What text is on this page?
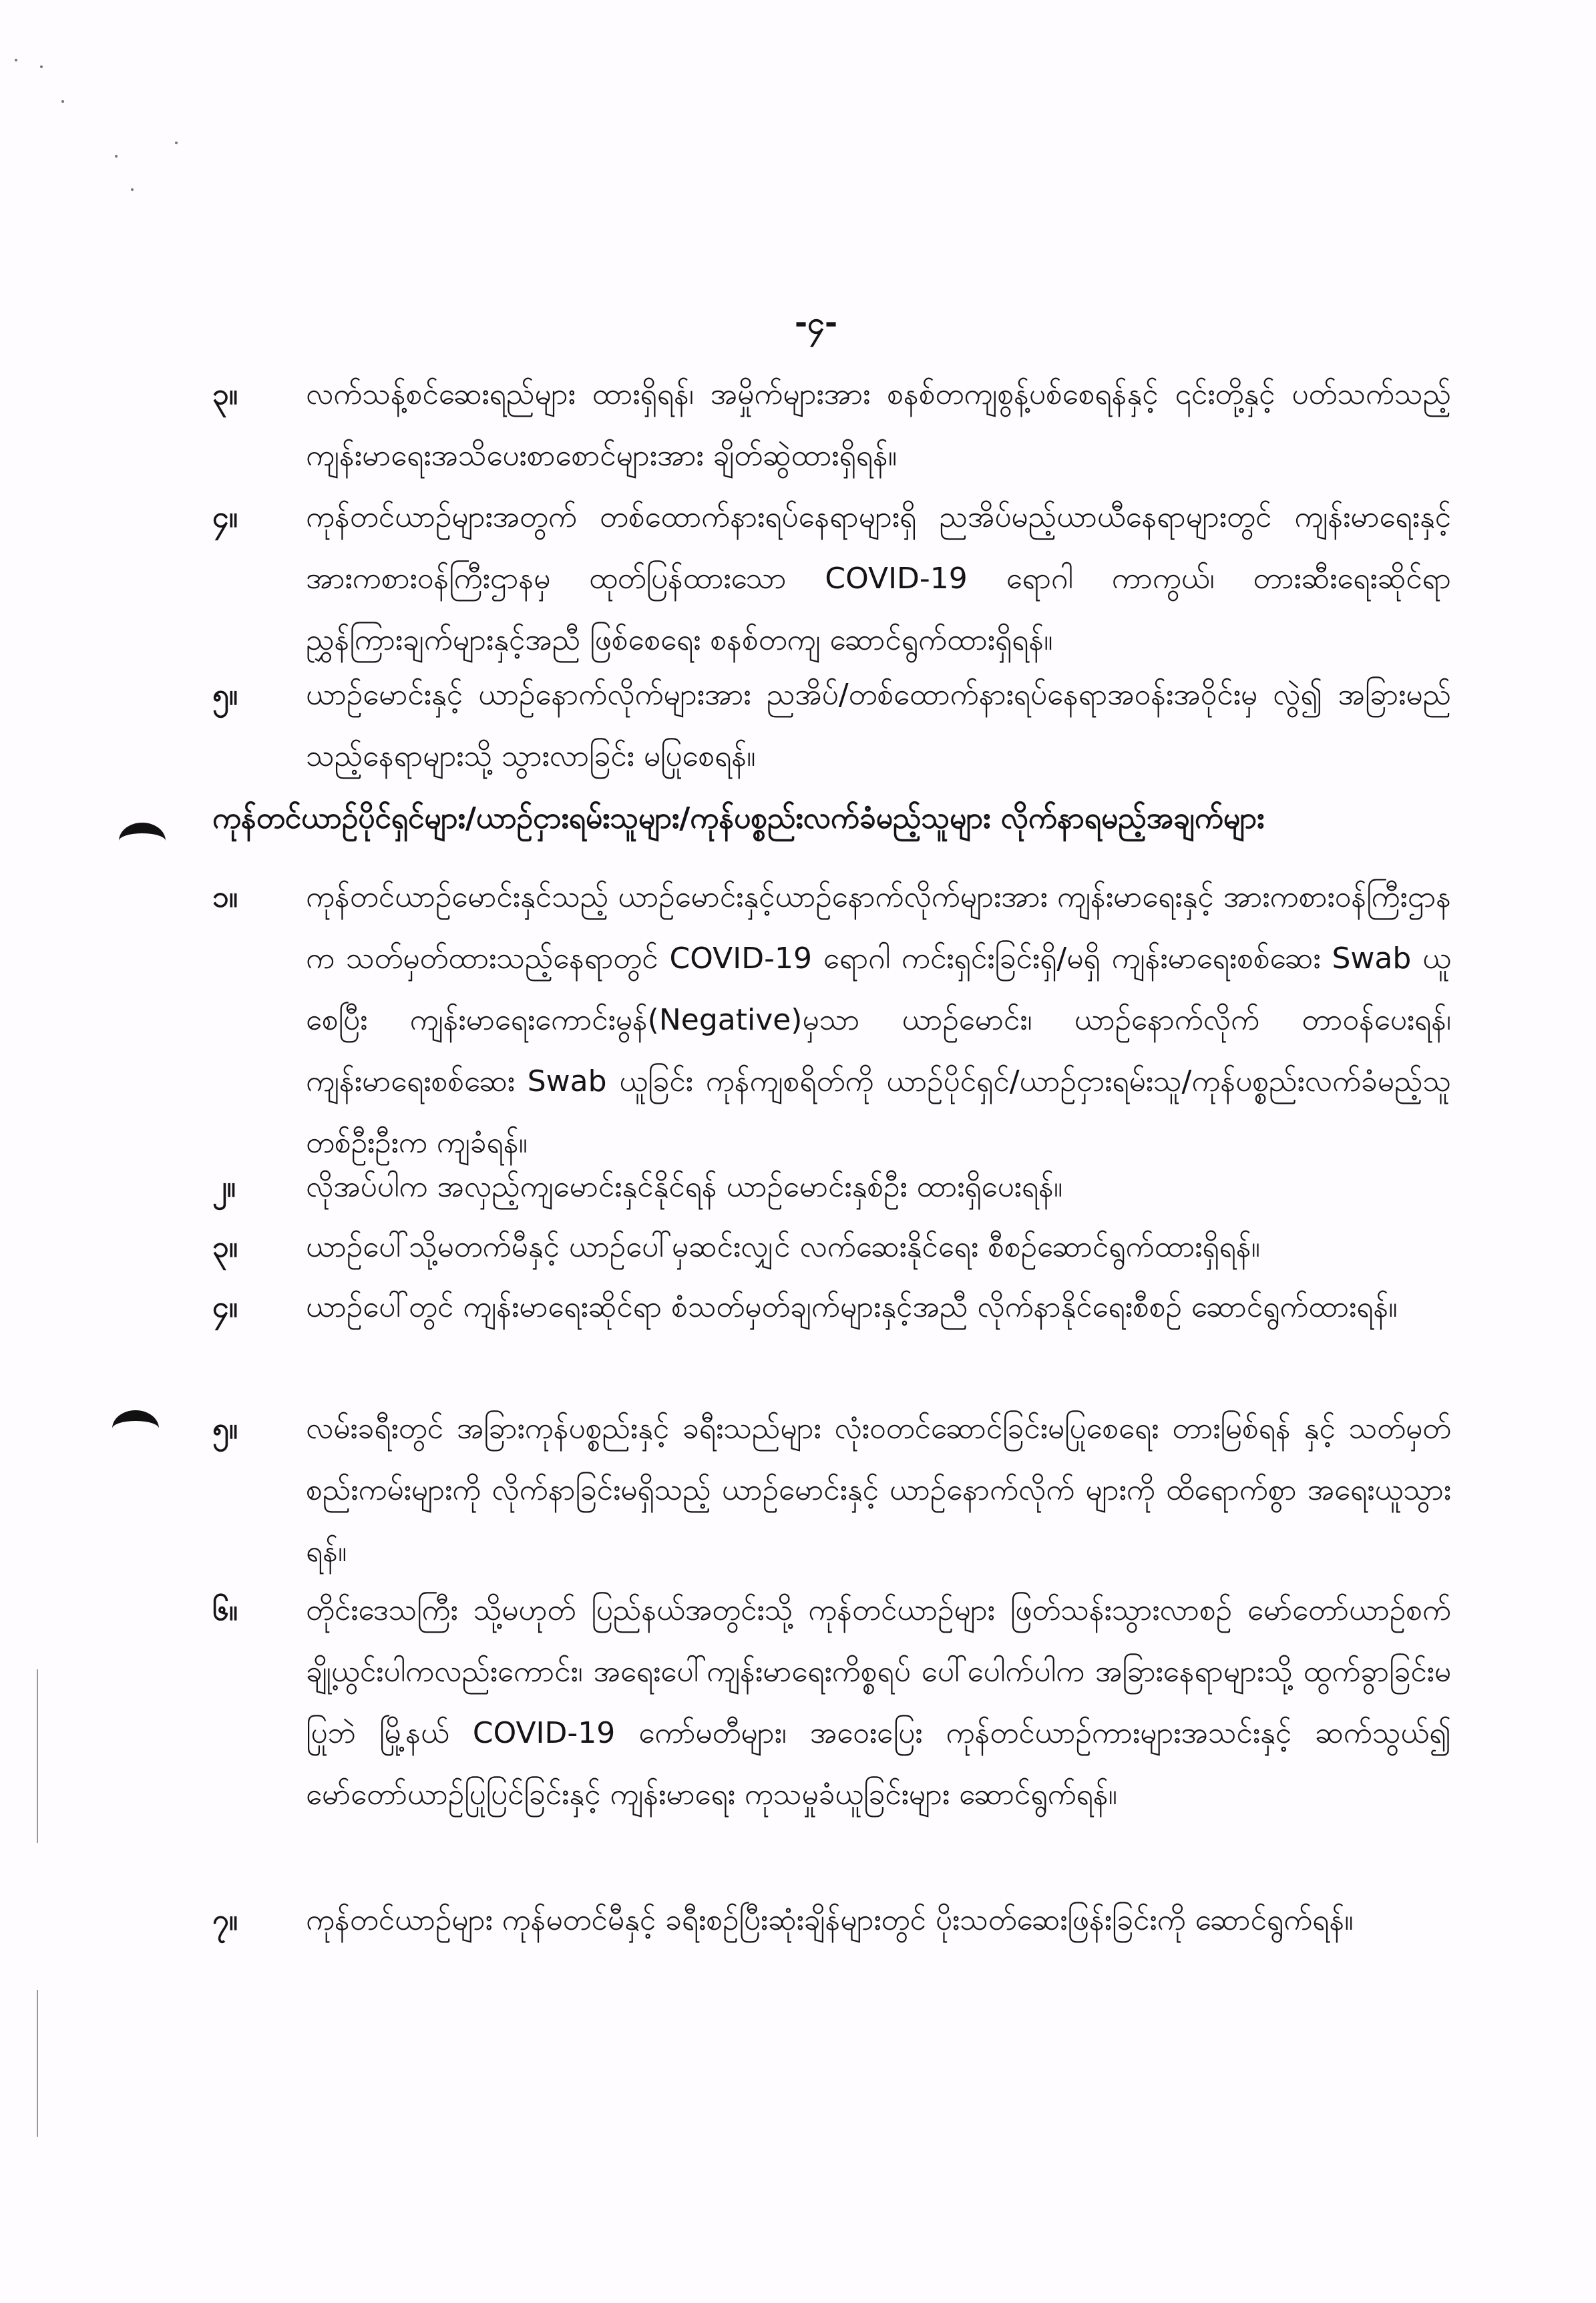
-၄-
၃။	လက်သန့်စင်ဆေးရည်များ ထားရှိရန်၊ အမှိုက်များအား စနစ်တကျစွန့်ပစ်စေရန်နှင့် ၎င်းတို့နှင့် ပတ်သက်သည့် ကျန်းမာရေးအသိပေးစာစောင်များအား ချိတ်ဆွဲထားရှိရန်။

၄။	ကုန်တင်ယာဉ်များအတွက် တစ်ထောက်နားရပ်နေရာများရှိ ညအိပ်မည့်ယာယီနေရာများတွင် ကျန်းမာရေးနှင့်အားကစားဝန်ကြီးဌာနမှ ထုတ်ပြန်ထားသော COVID-19 ရောဂါ ကာကွယ်၊ တားဆီးရေးဆိုင်ရာ ညွှန်ကြားချက်များနှင့်အညီ ဖြစ်စေရေး စနစ်တကျ ဆောင်ရွက်ထားရှိရန်။

၅။	ယာဉ်မောင်းနှင့် ယာဉ်နောက်လိုက်များအား ညအိပ်/တစ်ထောက်နားရပ်နေရာအဝန်းအဝိုင်းမှ လွဲ၍ အခြားမည်သည့်နေရာများသို့ သွားလာခြင်း မပြုစေရန်။

ကုန်တင်ယာဉ်ပိုင်ရှင်များ/ယာဉ်ငှားရမ်းသူများ/ကုန်ပစ္စည်းလက်ခံမည့်သူများ လိုက်နာရမည့်အချက်များ

၁။	ကုန်တင်ယာဉ်မောင်းနှင်သည့် ယာဉ်မောင်းနှင့်ယာဉ်နောက်လိုက်များအား ကျန်းမာရေးနှင့် အားကစားဝန်ကြီးဌာနက သတ်မှတ်ထားသည့်နေရာတွင် COVID-19 ရောဂါ ကင်းရှင်းခြင်းရှိ/မရှိ ကျန်းမာရေးစစ်ဆေး Swab ယူစေပြီး ကျန်းမာရေးကောင်းမွန်(Negative)မှသာ ယာဉ်မောင်း၊ ယာဉ်နောက်လိုက် တာဝန်ပေးရန်၊ ကျန်းမာရေးစစ်ဆေး Swab ယူခြင်း ကုန်ကျစရိတ်ကို ယာဉ်ပိုင်ရှင်/ယာဉ်ငှားရမ်းသူ/ကုန်ပစ္စည်းလက်ခံမည့်သူ တစ်ဦးဦးက ကျခံရန်။

၂။	လိုအပ်ပါက အလှည့်ကျမောင်းနှင်နိုင်ရန် ယာဉ်မောင်းနှစ်ဦး ထားရှိပေးရန်။

၃။	ယာဉ်ပေါ်သို့မတက်မီနှင့် ယာဉ်ပေါ်မှဆင်းလျှင် လက်ဆေးနိုင်ရေး စီစဉ်ဆောင်ရွက်ထားရှိရန်။

၄။	ယာဉ်ပေါ်တွင် ကျန်းမာရေးဆိုင်ရာ စံသတ်မှတ်ချက်များနှင့်အညီ လိုက်နာနိုင်ရေးစီစဉ် ဆောင်ရွက်ထားရန်။

၅။	လမ်းခရီးတွင် အခြားကုန်ပစ္စည်းနှင့် ခရီးသည်များ လုံးဝတင်ဆောင်ခြင်းမပြုစေရေး တားမြစ်ရန် နှင့် သတ်မှတ်စည်းကမ်းများကို လိုက်နာခြင်းမရှိသည့် ယာဉ်မောင်းနှင့် ယာဉ်နောက်လိုက် များကို ထိရောက်စွာ အရေးယူသွားရန်။

၆။	တိုင်းဒေသကြီး သို့မဟုတ် ပြည်နယ်အတွင်းသို့ ကုန်တင်ယာဉ်များ ဖြတ်သန်းသွားလာစဉ် မော်တော်ယာဉ်စက်ချို့ယွင်းပါကလည်းကောင်း၊ အရေးပေါ်ကျန်းမာရေးကိစ္စရပ် ပေါ်ပေါက်ပါက အခြားနေရာများသို့ ထွက်ခွာခြင်းမပြုဘဲ မြို့နယ် COVID-19 ကော်မတီများ၊ အဝေးပြေး ကုန်တင်ယာဉ်ကားများအသင်းနှင့် ဆက်သွယ်၍ မော်တော်ယာဉ်ပြုပြင်ခြင်းနှင့် ကျန်းမာရေး ကုသမှုခံယူခြင်းများ ဆောင်ရွက်ရန်။

၇။	ကုန်တင်ယာဉ်များ ကုန်မတင်မီနှင့် ခရီးစဉ်ပြီးဆုံးချိန်များတွင် ပိုးသတ်ဆေးဖြန်းခြင်းကို ဆောင်ရွက်ရန်။
